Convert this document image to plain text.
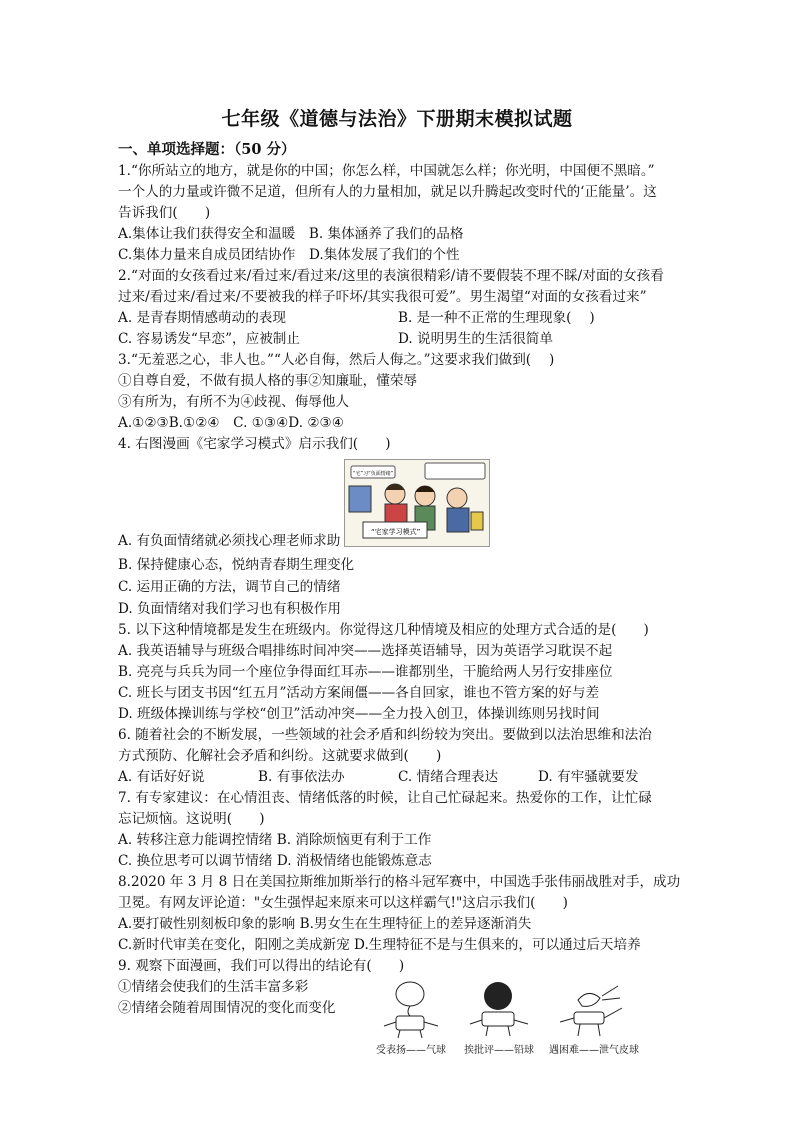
七年级《道德与法治》下册期末模拟试题
一、单项选择题：（50 分）
1.“你所站立的地方，就是你的中国；你怎么样，中国就怎么样；你光明，中国便不黑暗。”
一个人的力量或许微不足道，但所有人的力量相加，就足以升腾起改变时代的‘正能量’。这
告诉我们(　　)
A.集体让我们获得安全和温暖　B. 集体涵养了我们的品格
C.集体力量来自成员团结协作　D.集体发展了我们的个性
2.“对面的女孩看过来/看过来/看过来/这里的表演很精彩/请不要假装不理不睬/对面的女孩看
过来/看过来/看过来/不要被我的样子吓坏/其实我很可爱”。男生渴望“对面的女孩看过来”
A. 是青春期情感萌动的表现	B. 是一种不正常的生理现象(　 )
C. 容易诱发“早恋”，应被制止	D. 说明男生的生活很简单
3.“无羞恶之心，非人也。”“人必自侮，然后人侮之。”这要求我们做到(　 )
①自尊自爱，不做有损人格的事②知廉耻，懂荣辱
③有所为，有所不为④歧视、侮辱他人
A.①②③B.①②④　C. ①③④D. ②③④
4. 右图漫画《宅家学习模式》启示我们(　　)
“宅家学习模式”
“宅”习“负面情绪”
A. 有负面情绪就必须找心理老师求助
B. 保持健康心态，悦纳青春期生理变化
C. 运用正确的方法，调节自己的情绪
D. 负面情绪对我们学习也有积极作用
5. 以下这种情境都是发生在班级内。你觉得这几种情境及相应的处理方式合适的是(　　)
A. 我英语辅导与班级合唱排练时间冲突——选择英语辅导，因为英语学习耽误不起
B. 亮亮与兵兵为同一个座位争得面红耳赤——谁都别坐，干脆给两人另行安排座位
C. 班长与团支书因“红五月”活动方案闹僵——各自回家，谁也不管方案的好与差
D. 班级体操训练与学校“创卫”活动冲突——全力投入创卫，体操训练则另找时间
6. 随着社会的不断发展，一些领域的社会矛盾和纠纷较为突出。要做到以法治思维和法治
方式预防、化解社会矛盾和纠纷。这就要求做到(　　)
A. 有话好好说	B. 有事依法办	C. 情绪合理表达	D. 有牢骚就要发
7. 有专家建议：在心情沮丧、情绪低落的时候，让自己忙碌起来。热爱你的工作，让忙碌
忘记烦恼。这说明(　　)
A. 转移注意力能调控情绪 B. 消除烦恼更有利于工作
C. 换位思考可以调节情绪 D. 消极情绪也能锻炼意志
8.2020 年 3 月 8 日在美国拉斯维加斯举行的格斗冠军赛中，中国选手张伟丽战胜对手，成功
卫冕。有网友评论道："女生强悍起来原来可以这样霸气!"这启示我们(　　)
A.要打破性别刻板印象的影响 B.男女生在生理特征上的差异逐渐消失
C.新时代审美在变化，阳刚之美成新宠 D.生理特征不是与生俱来的，可以通过后天培养
9. 观察下面漫画，我们可以得出的结论有(　　)
①情绪会使我们的生活丰富多彩
②情绪会随着周围情况的变化而变化
受表扬——气球	挨批评——铅球	遇困难——泄气皮球
